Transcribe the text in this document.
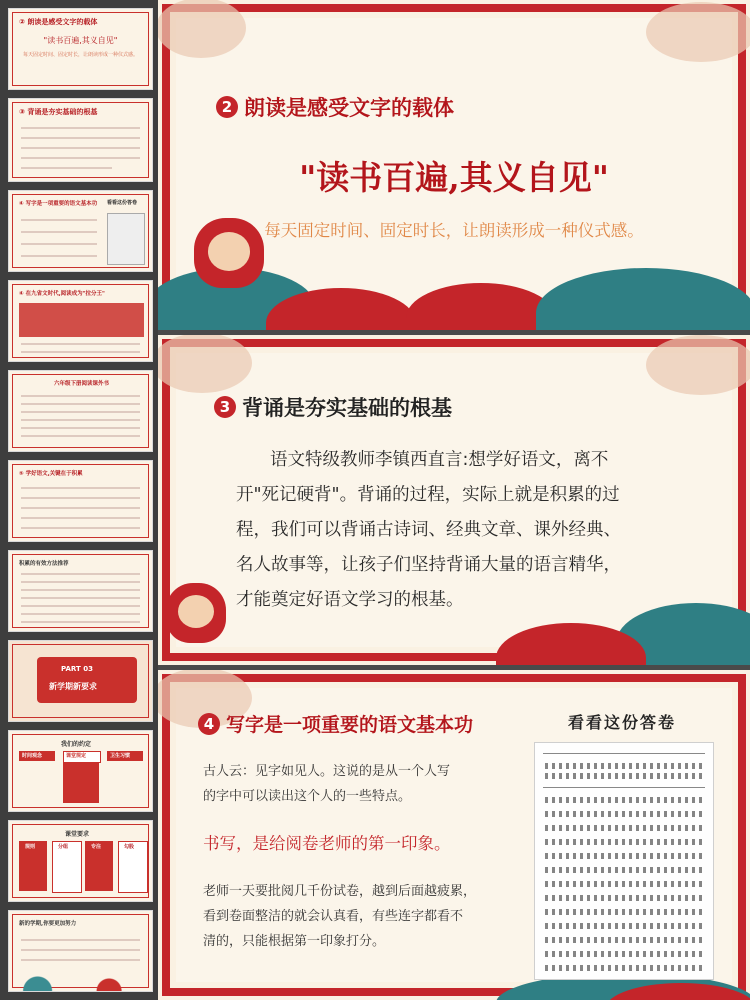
② 朗读是感受文字的载体
"读书百遍,其义自见"
每天固定时间、固定时长，让朗读形成一种仪式感。
③ 背诵是夯实基础的根基
④ 写字是一项重要的语文基本功 看看这份答卷
④ 在九省文时代,阅读成为"拉分王"
六年级下册阅读课外书
⑤ 学好语文,关键在于积累
积累的有效方法推荐
PART 03
新学期新要求
我们的约定
时间观念	课堂规定	卫生习惯
课堂要求
规则	分组	专注	勾股
新的学期,你要更加努力
2 朗读是感受文字的载体
"读书百遍,其义自见"
每天固定时间、固定时长，让朗读形成一种仪式感。
3 背诵是夯实基础的根基
语文特级教师李镇西直言:想学好语文，离不
开"死记硬背"。背诵的过程，实际上就是积累的过
程，我们可以背诵古诗词、经典文章、课外经典、
名人故事等，让孩子们坚持背诵大量的语言精华，
才能奠定好语文学习的根基。
4 写字是一项重要的语文基本功	看看这份答卷
古人云：见字如见人。这说的是从一个人写
的字中可以读出这个人的一些特点。
书写，是给阅卷老师的第一印象。
老师一天要批阅几千份试卷，越到后面越疲累，
看到卷面整洁的就会认真看，有些连字都看不
清的，只能根据第一印象打分。
